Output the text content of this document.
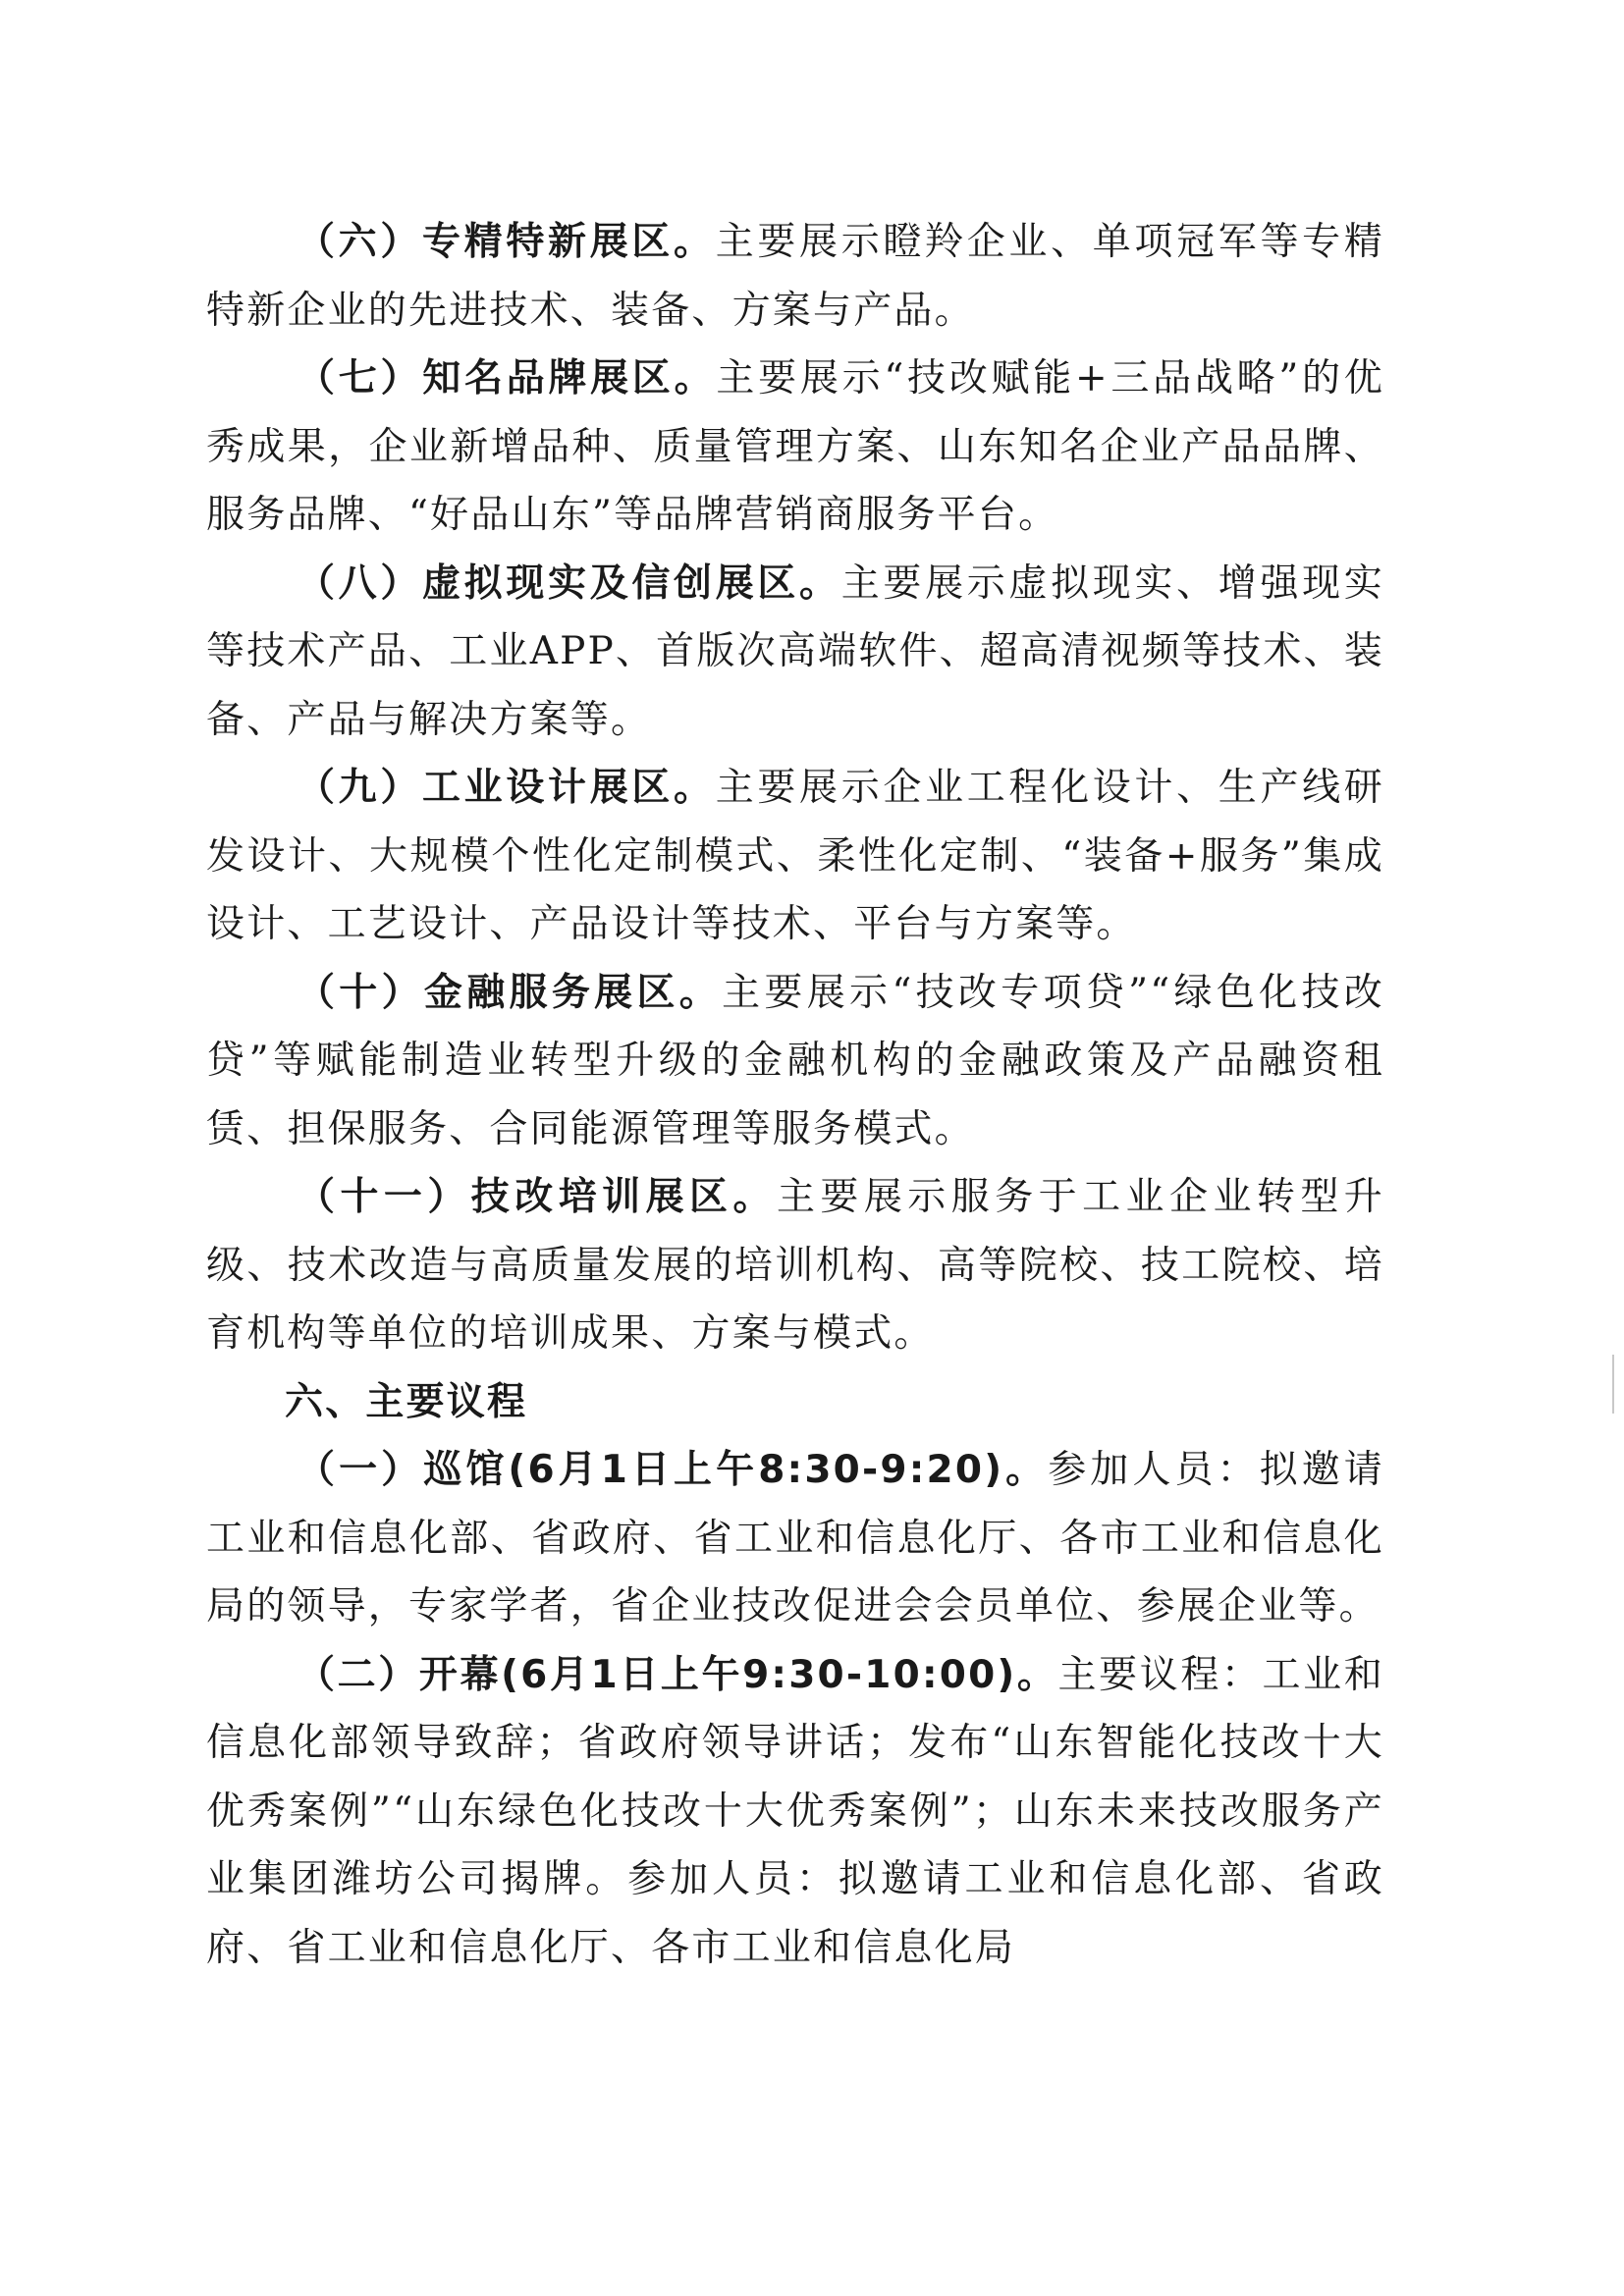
（六）专精特新展区。主要展示瞪羚企业、单项冠军等专精特新企业的先进技术、装备、方案与产品。

（七）知名品牌展区。主要展示“技改赋能+三品战略”的优秀成果，企业新增品种、质量管理方案、山东知名企业产品品牌、服务品牌、“好品山东”等品牌营销商服务平台。

（八）虚拟现实及信创展区。主要展示虚拟现实、增强现实等技术产品、工业APP、首版次高端软件、超高清视频等技术、装备、产品与解决方案等。

（九）工业设计展区。主要展示企业工程化设计、生产线研发设计、大规模个性化定制模式、柔性化定制、“装备+服务”集成设计、工艺设计、产品设计等技术、平台与方案等。

（十）金融服务展区。主要展示“技改专项贷”“绿色化技改贷”等赋能制造业转型升级的金融机构的金融政策及产品融资租赁、担保服务、合同能源管理等服务模式。

（十一）技改培训展区。主要展示服务于工业企业转型升级、技术改造与高质量发展的培训机构、高等院校、技工院校、培育机构等单位的培训成果、方案与模式。

六、主要议程

（一）巡馆(6月1日上午8:30-9:20)。参加人员：拟邀请工业和信息化部、省政府、省工业和信息化厅、各市工业和信息化局的领导，专家学者，省企业技改促进会会员单位、参展企业等。

（二）开幕(6月1日上午9:30-10:00)。主要议程：工业和信息化部领导致辞；省政府领导讲话；发布“山东智能化技改十大优秀案例”“山东绿色化技改十大优秀案例”；山东未来技改服务产业集团潍坊公司揭牌。参加人员：拟邀请工业和信息化部、省政府、省工业和信息化厅、各市工业和信息化局
